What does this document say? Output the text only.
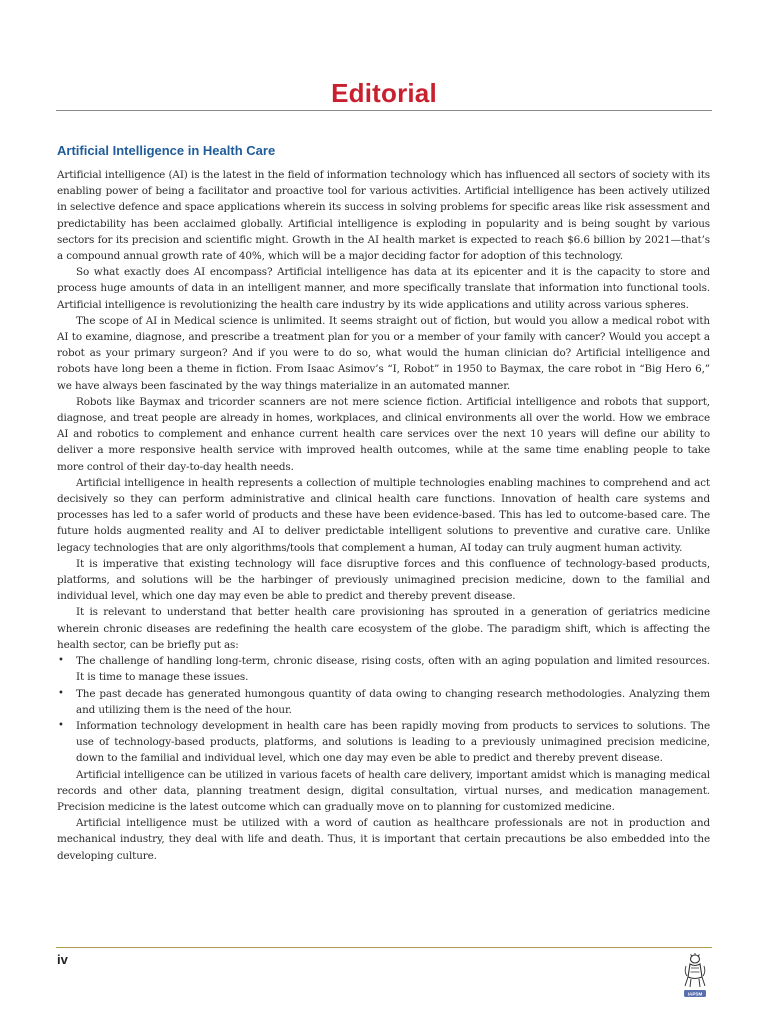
Editorial
Artificial Intelligence in Health Care

Artificial intelligence (AI) is the latest in the field of information technology which has influenced all sectors of society with its enabling power of being a facilitator and proactive tool for various activities. Artificial intelligence has been actively utilized in selective defence and space applications wherein its success in solving problems for specific areas like risk assessment and predictability has been acclaimed globally. Artificial intelligence is exploding in popularity and is being sought by various sectors for its precision and scientific might. Growth in the AI health market is expected to reach $6.6 billion by 2021—that’s a compound annual growth rate of 40%, which will be a major deciding factor for adoption of this technology.

So what exactly does AI encompass? Artificial intelligence has data at its epicenter and it is the capacity to store and process huge amounts of data in an intelligent manner, and more specifically translate that information into functional tools. Artificial intelligence is revolutionizing the health care industry by its wide applications and utility across various spheres.

The scope of AI in Medical science is unlimited. It seems straight out of fiction, but would you allow a medical robot with AI to examine, diagnose, and prescribe a treatment plan for you or a member of your family with cancer? Would you accept a robot as your primary surgeon? And if you were to do so, what would the human clinician do? Artificial intelligence and robots have long been a theme in fiction. From Isaac Asimov’s “I, Robot” in 1950 to Baymax, the care robot in “Big Hero 6,” we have always been fascinated by the way things materialize in an automated manner.

Robots like Baymax and tricorder scanners are not mere science fiction. Artificial intelligence and robots that support, diagnose, and treat people are already in homes, workplaces, and clinical environments all over the world. How we embrace AI and robotics to complement and enhance current health care services over the next 10 years will define our ability to deliver a more responsive health service with improved health outcomes, while at the same time enabling people to take more control of their day-to-day health needs.

Artificial intelligence in health represents a collection of multiple technologies enabling machines to comprehend and act decisively so they can perform administrative and clinical health care functions. Innovation of health care systems and processes has led to a safer world of products and these have been evidence-based. This has led to outcome-based care. The future holds augmented reality and AI to deliver predictable intelligent solutions to preventive and curative care. Unlike legacy technologies that are only algorithms/tools that complement a human, AI today can truly augment human activity.

It is imperative that existing technology will face disruptive forces and this confluence of technology-based products, platforms, and solutions will be the harbinger of previously unimagined precision medicine, down to the familial and individual level, which one day may even be able to predict and thereby prevent disease.

It is relevant to understand that better health care provisioning has sprouted in a generation of geriatrics medicine wherein chronic diseases are redefining the health care ecosystem of the globe. The paradigm shift, which is affecting the health sector, can be briefly put as:

•	The challenge of handling long-term, chronic disease, rising costs, often with an aging population and limited resources. It is time to manage these issues.
•	The past decade has generated humongous quantity of data owing to changing research methodologies. Analyzing them and utilizing them is the need of the hour.
•	Information technology development in health care has been rapidly moving from products to services to solutions. The use of technology-based products, platforms, and solutions is leading to a previously unimagined precision medicine, down to the familial and individual level, which one day may even be able to predict and thereby prevent disease.

Artificial intelligence can be utilized in various facets of health care delivery, important amidst which is managing medical records and other data, planning treatment design, digital consultation, virtual nurses, and medication management. Precision medicine is the latest outcome which can gradually move on to planning for customized medicine.

Artificial intelligence must be utilized with a word of caution as healthcare professionals are not in production and mechanical industry, they deal with life and death. Thus, it is important that certain precautions be also embedded into the developing culture.

iv
IAPSM
